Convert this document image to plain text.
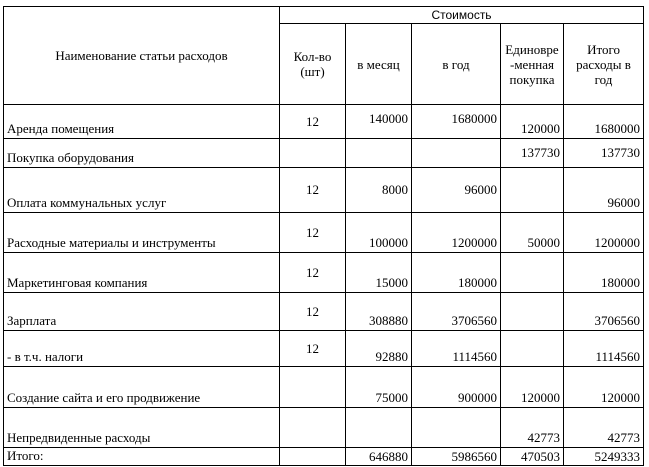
Наименование статьи расходов	Стоимость				
	Кол-во (шт)	в месяц	в год	Единовре -менная покупка	Итого расходы в год
Аренда помещения	12	140000	1680000	120000	1680000
Покупка оборудования				137730	137730
Оплата коммунальных услуг	12	8000	96000		96000
Расходные материалы и инструменты	12	100000	1200000	50000	1200000
Маркетинговая компания	12	15000	180000		180000
Зарплата	12	308880	3706560		3706560
- в т.ч. налоги	12	92880	1114560		1114560
Создание сайта и его продвижение		75000	900000	120000	120000
Непредвиденные расходы				42773	42773
Итого:		646880	5986560	470503	5249333
